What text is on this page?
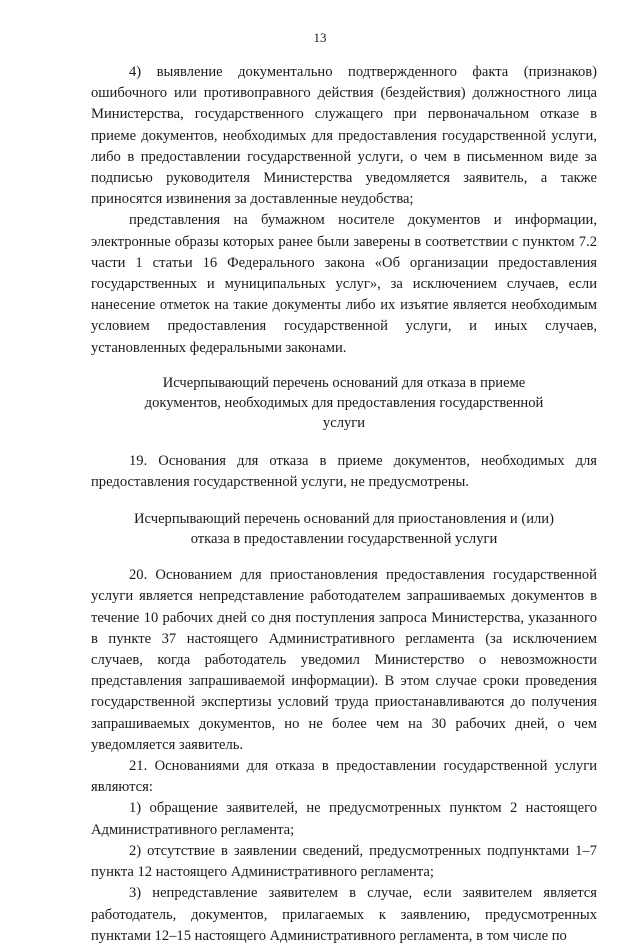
13

4) выявление документально подтвержденного факта (признаков) ошибочного или противоправного действия (бездействия) должностного лица Министерства, государственного служащего при первоначальном отказе в приеме документов, необходимых для предоставления государственной услуги, либо в предоставлении государственной услуги, о чем в письменном виде за подписью руководителя Министерства уведомляется заявитель, а также приносятся извинения за доставленные неудобства;

представления на бумажном носителе документов и информации, электронные образы которых ранее были заверены в соответствии с пунктом 7.2 части 1 статьи 16 Федерального закона «Об организации предоставления государственных и муниципальных услуг», за исключением случаев, если нанесение отметок на такие документы либо их изъятие является необходимым условием предоставления государственной услуги, и иных случаев, установленных федеральными законами.

Исчерпывающий перечень оснований для отказа в приеме документов, необходимых для предоставления государственной услуги

19. Основания для отказа в приеме документов, необходимых для предоставления государственной услуги, не предусмотрены.

Исчерпывающий перечень оснований для приостановления и (или) отказа в предоставлении государственной услуги

20. Основанием для приостановления предоставления государственной услуги является непредставление работодателем запрашиваемых документов в течение 10 рабочих дней со дня поступления запроса Министерства, указанного в пункте 37 настоящего Административного регламента (за исключением случаев, когда работодатель уведомил Министерство о невозможности представления запрашиваемой информации). В этом случае сроки проведения государственной экспертизы условий труда приостанавливаются до получения запрашиваемых документов, но не более чем на 30 рабочих дней, о чем уведомляется заявитель.

21. Основаниями для отказа в предоставлении государственной услуги являются:

1) обращение заявителей, не предусмотренных пунктом 2 настоящего Административного регламента;

2) отсутствие в заявлении сведений, предусмотренных подпунктами 1–7 пункта 12 настоящего Административного регламента;

3) непредставление заявителем в случае, если заявителем является работодатель, документов, прилагаемых к заявлению, предусмотренных пунктами 12–15 настоящего Административного регламента, в том числе по
